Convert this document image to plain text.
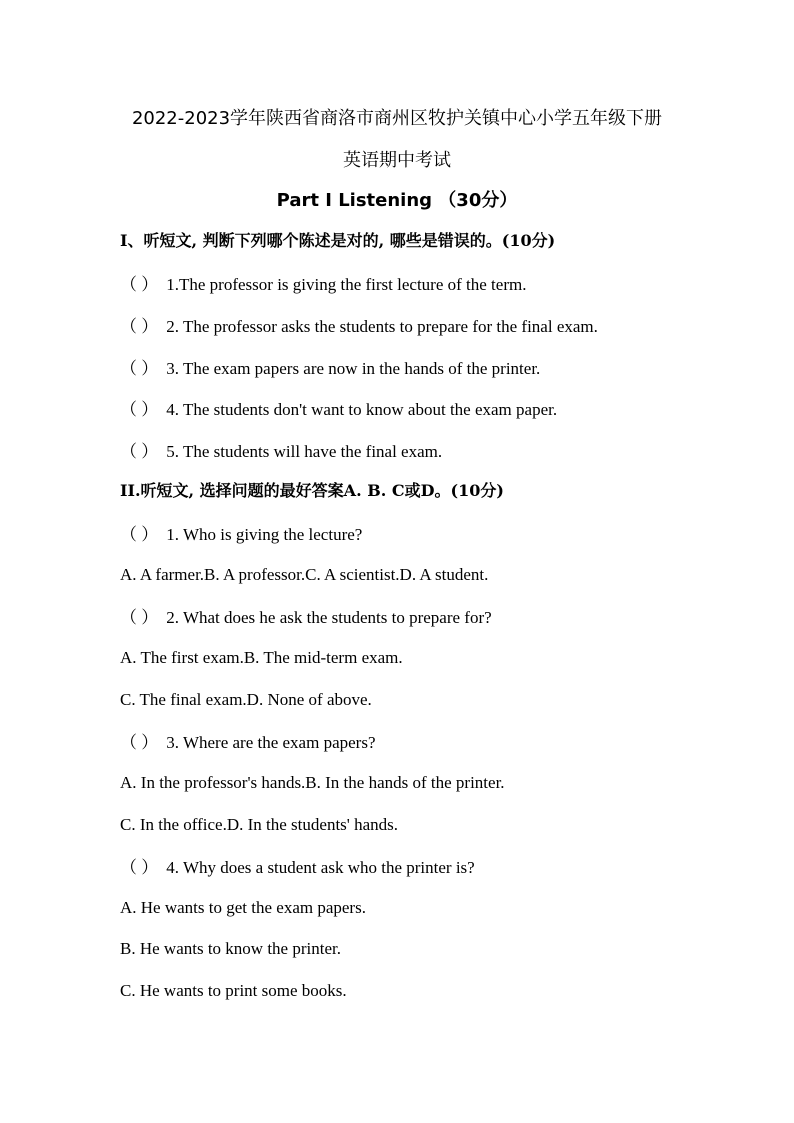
2022-2023学年陕西省商洛市商州区牧护关镇中心小学五年级下册
英语期中考试
Part Ⅰ Listening （30分）
Ⅰ、听短文, 判断下列哪个陈述是对的, 哪些是错误的。(10分)
（ ） 1.The professor is giving the first lecture of the term.
（ ） 2. The professor asks the students to prepare for the final exam.
（ ） 3. The exam papers are now in the hands of the printer.
（ ） 4. The students don't want to know about the exam paper.
（ ） 5. The students will have the final exam.
II.听短文, 选择问题的最好答案A. B. C或D。(10分)
（ ） 1. Who is giving the lecture?
A. A farmer.B. A professor.C. A scientist.D. A student.
（ ） 2. What does he ask the students to prepare for?
A. The first exam.B. The mid-term exam.
C. The final exam.D. None of above.
（ ） 3. Where are the exam papers?
A. In the professor's hands.B. In the hands of the printer.
C. In the office.D. In the students' hands.
（ ） 4. Why does a student ask who the printer is?
A. He wants to get the exam papers.
B. He wants to know the printer.
C. He wants to print some books.
